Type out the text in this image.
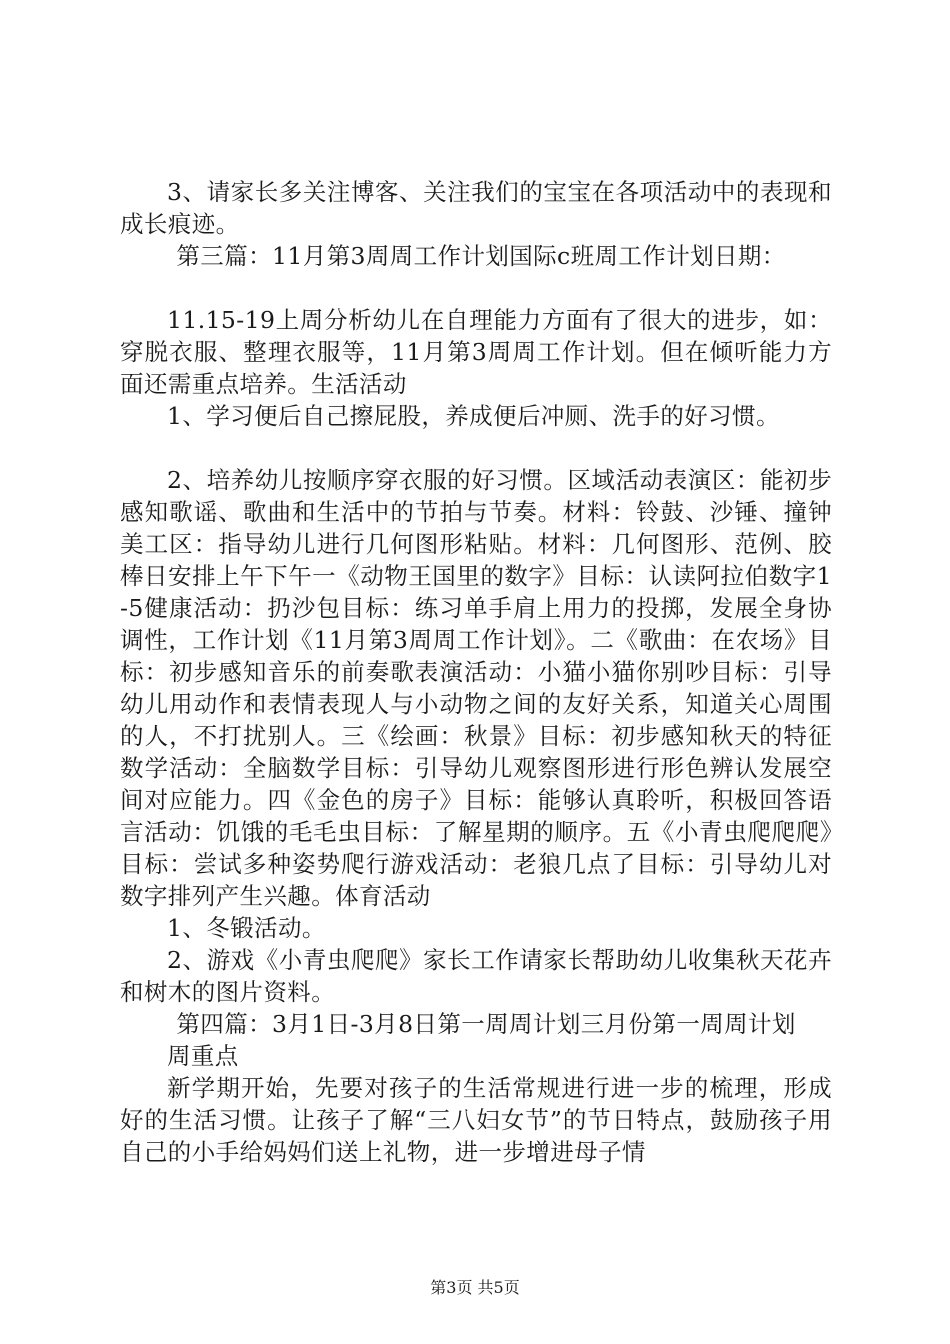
3、请家长多关注博客、关注我们的宝宝在各项活动中的表现和成长痕迹。

第三篇：11月第3周周工作计划国际c班周工作计划日期：

11.15-19上周分析幼儿在自理能力方面有了很大的进步，如：穿脱衣服、整理衣服等，11月第3周周工作计划。但在倾听能力方面还需重点培养。生活活动

1、学习便后自己擦屁股，养成便后冲厕、洗手的好习惯。

2、培养幼儿按顺序穿衣服的好习惯。区域活动表演区：能初步感知歌谣、歌曲和生活中的节拍与节奏。材料：铃鼓、沙锤、撞钟美工区：指导幼儿进行几何图形粘贴。材料：几何图形、范例、胶棒日安排上午下午一《动物王国里的数字》目标：认读阿拉伯数字1-5健康活动：扔沙包目标：练习单手肩上用力的投掷，发展全身协调性，工作计划《11月第3周周工作计划》。二《歌曲：在农场》目标：初步感知音乐的前奏歌表演活动：小猫小猫你别吵目标：引导幼儿用动作和表情表现人与小动物之间的友好关系，知道关心周围的人，不打扰别人。三《绘画：秋景》目标：初步感知秋天的特征数学活动：全脑数学目标：引导幼儿观察图形进行形色辨认发展空间对应能力。四《金色的房子》目标：能够认真聆听，积极回答语言活动：饥饿的毛毛虫目标：了解星期的顺序。五《小青虫爬爬爬》目标：尝试多种姿势爬行游戏活动：老狼几点了目标：引导幼儿对数字排列产生兴趣。体育活动

1、冬锻活动。

2、游戏《小青虫爬爬》家长工作请家长帮助幼儿收集秋天花卉和树木的图片资料。

第四篇：3月1日-3月8日第一周周计划三月份第一周周计划

周重点

新学期开始，先要对孩子的生活常规进行进一步的梳理，形成好的生活习惯。让孩子了解“三八妇女节”的节日特点，鼓励孩子用自己的小手给妈妈们送上礼物，进一步增进母子情

第3页 共5页
